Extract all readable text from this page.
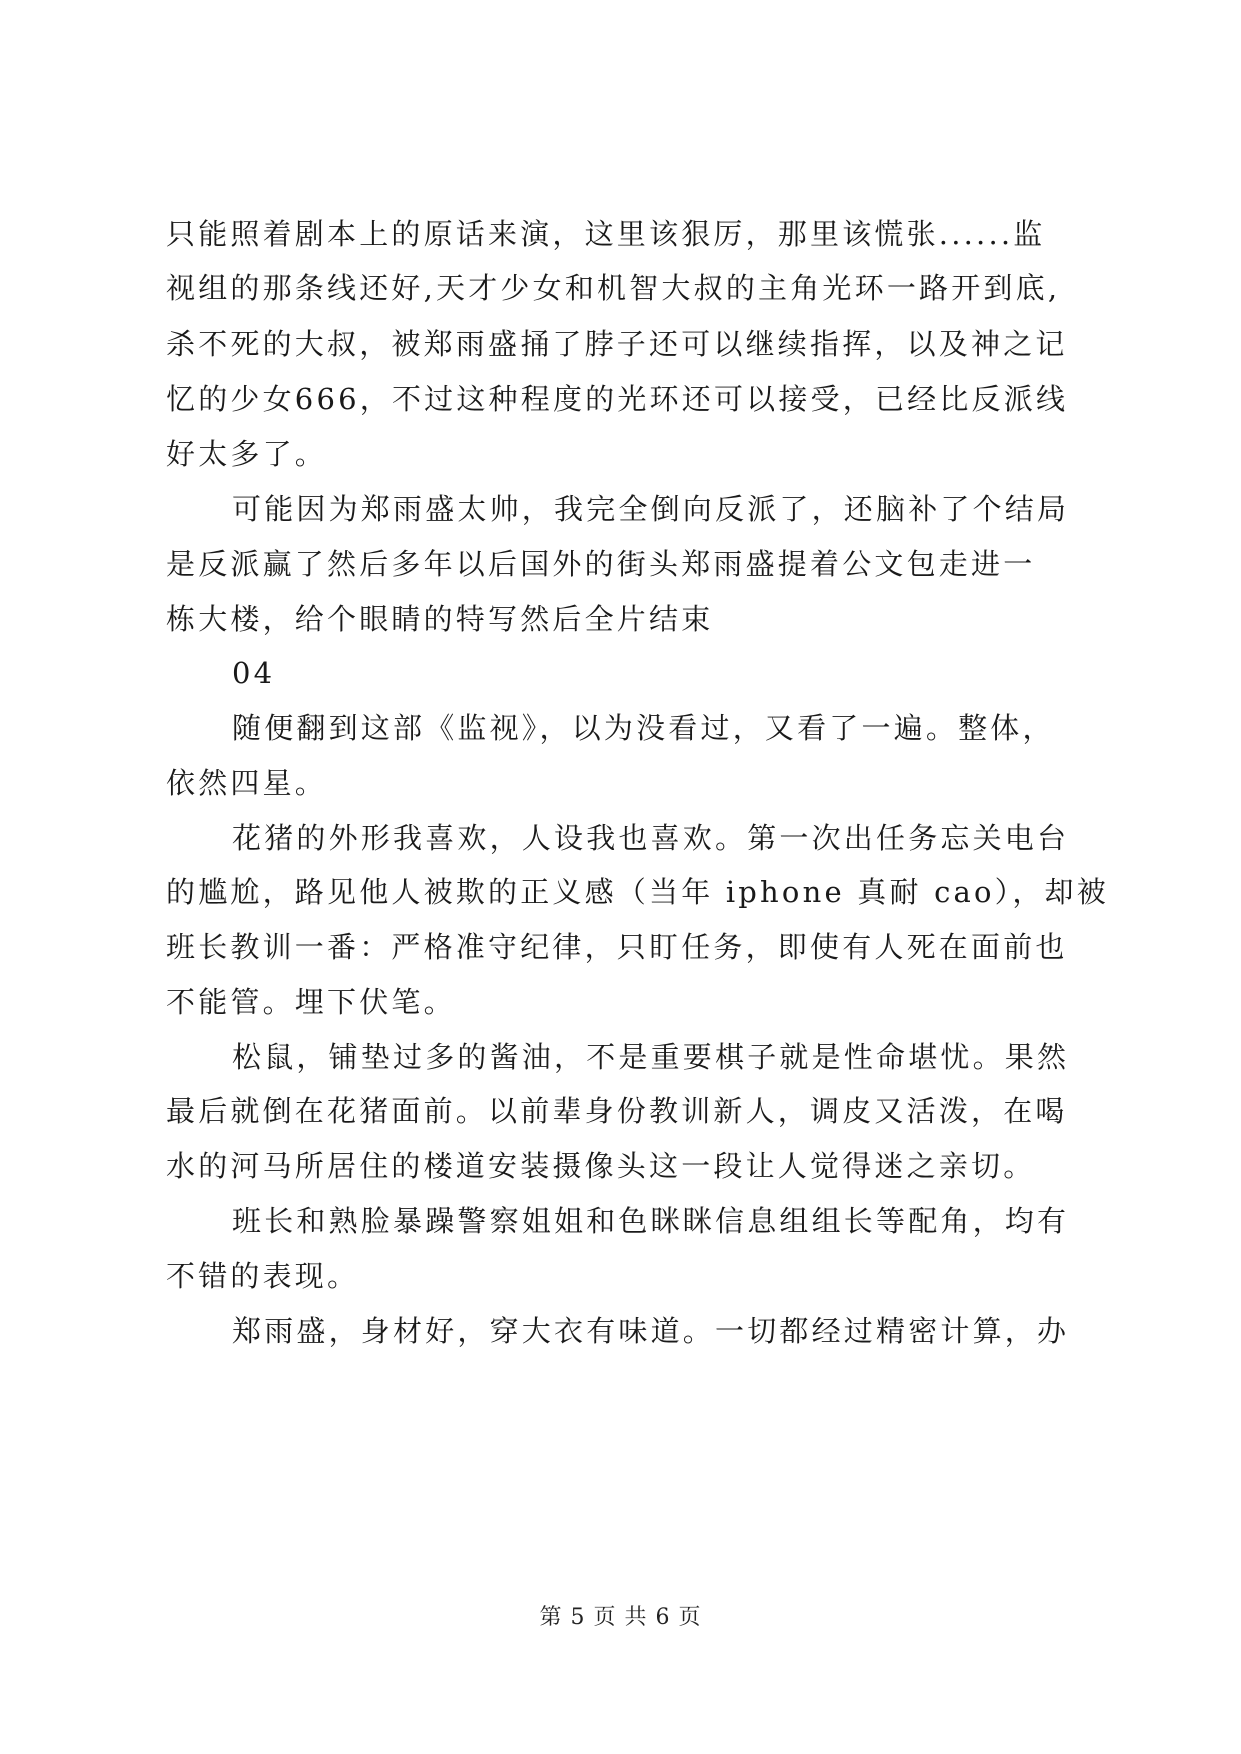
只能照着剧本上的原话来演，这里该狠厉，那里该慌张......监
视组的那条线还好,天才少女和机智大叔的主角光环一路开到底,
杀不死的大叔，被郑雨盛捅了脖子还可以继续指挥，以及神之记
忆的少女666，不过这种程度的光环还可以接受，已经比反派线
好太多了。
可能因为郑雨盛太帅，我完全倒向反派了，还脑补了个结局
是反派赢了然后多年以后国外的街头郑雨盛提着公文包走进一
栋大楼，给个眼睛的特写然后全片结束
04
随便翻到这部《监视》，以为没看过，又看了一遍。整体，
依然四星。
花猪的外形我喜欢，人设我也喜欢。第一次出任务忘关电台
的尴尬，路见他人被欺的正义感（当年 iphone 真耐 cao），却被
班长教训一番：严格准守纪律，只盯任务，即使有人死在面前也
不能管。埋下伏笔。
松鼠，铺垫过多的酱油，不是重要棋子就是性命堪忧。果然
最后就倒在花猪面前。以前辈身份教训新人，调皮又活泼，在喝
水的河马所居住的楼道安装摄像头这一段让人觉得迷之亲切。
班长和熟脸暴躁警察姐姐和色眯眯信息组组长等配角，均有
不错的表现。
郑雨盛，身材好，穿大衣有味道。一切都经过精密计算，办
第 5 页 共 6 页
